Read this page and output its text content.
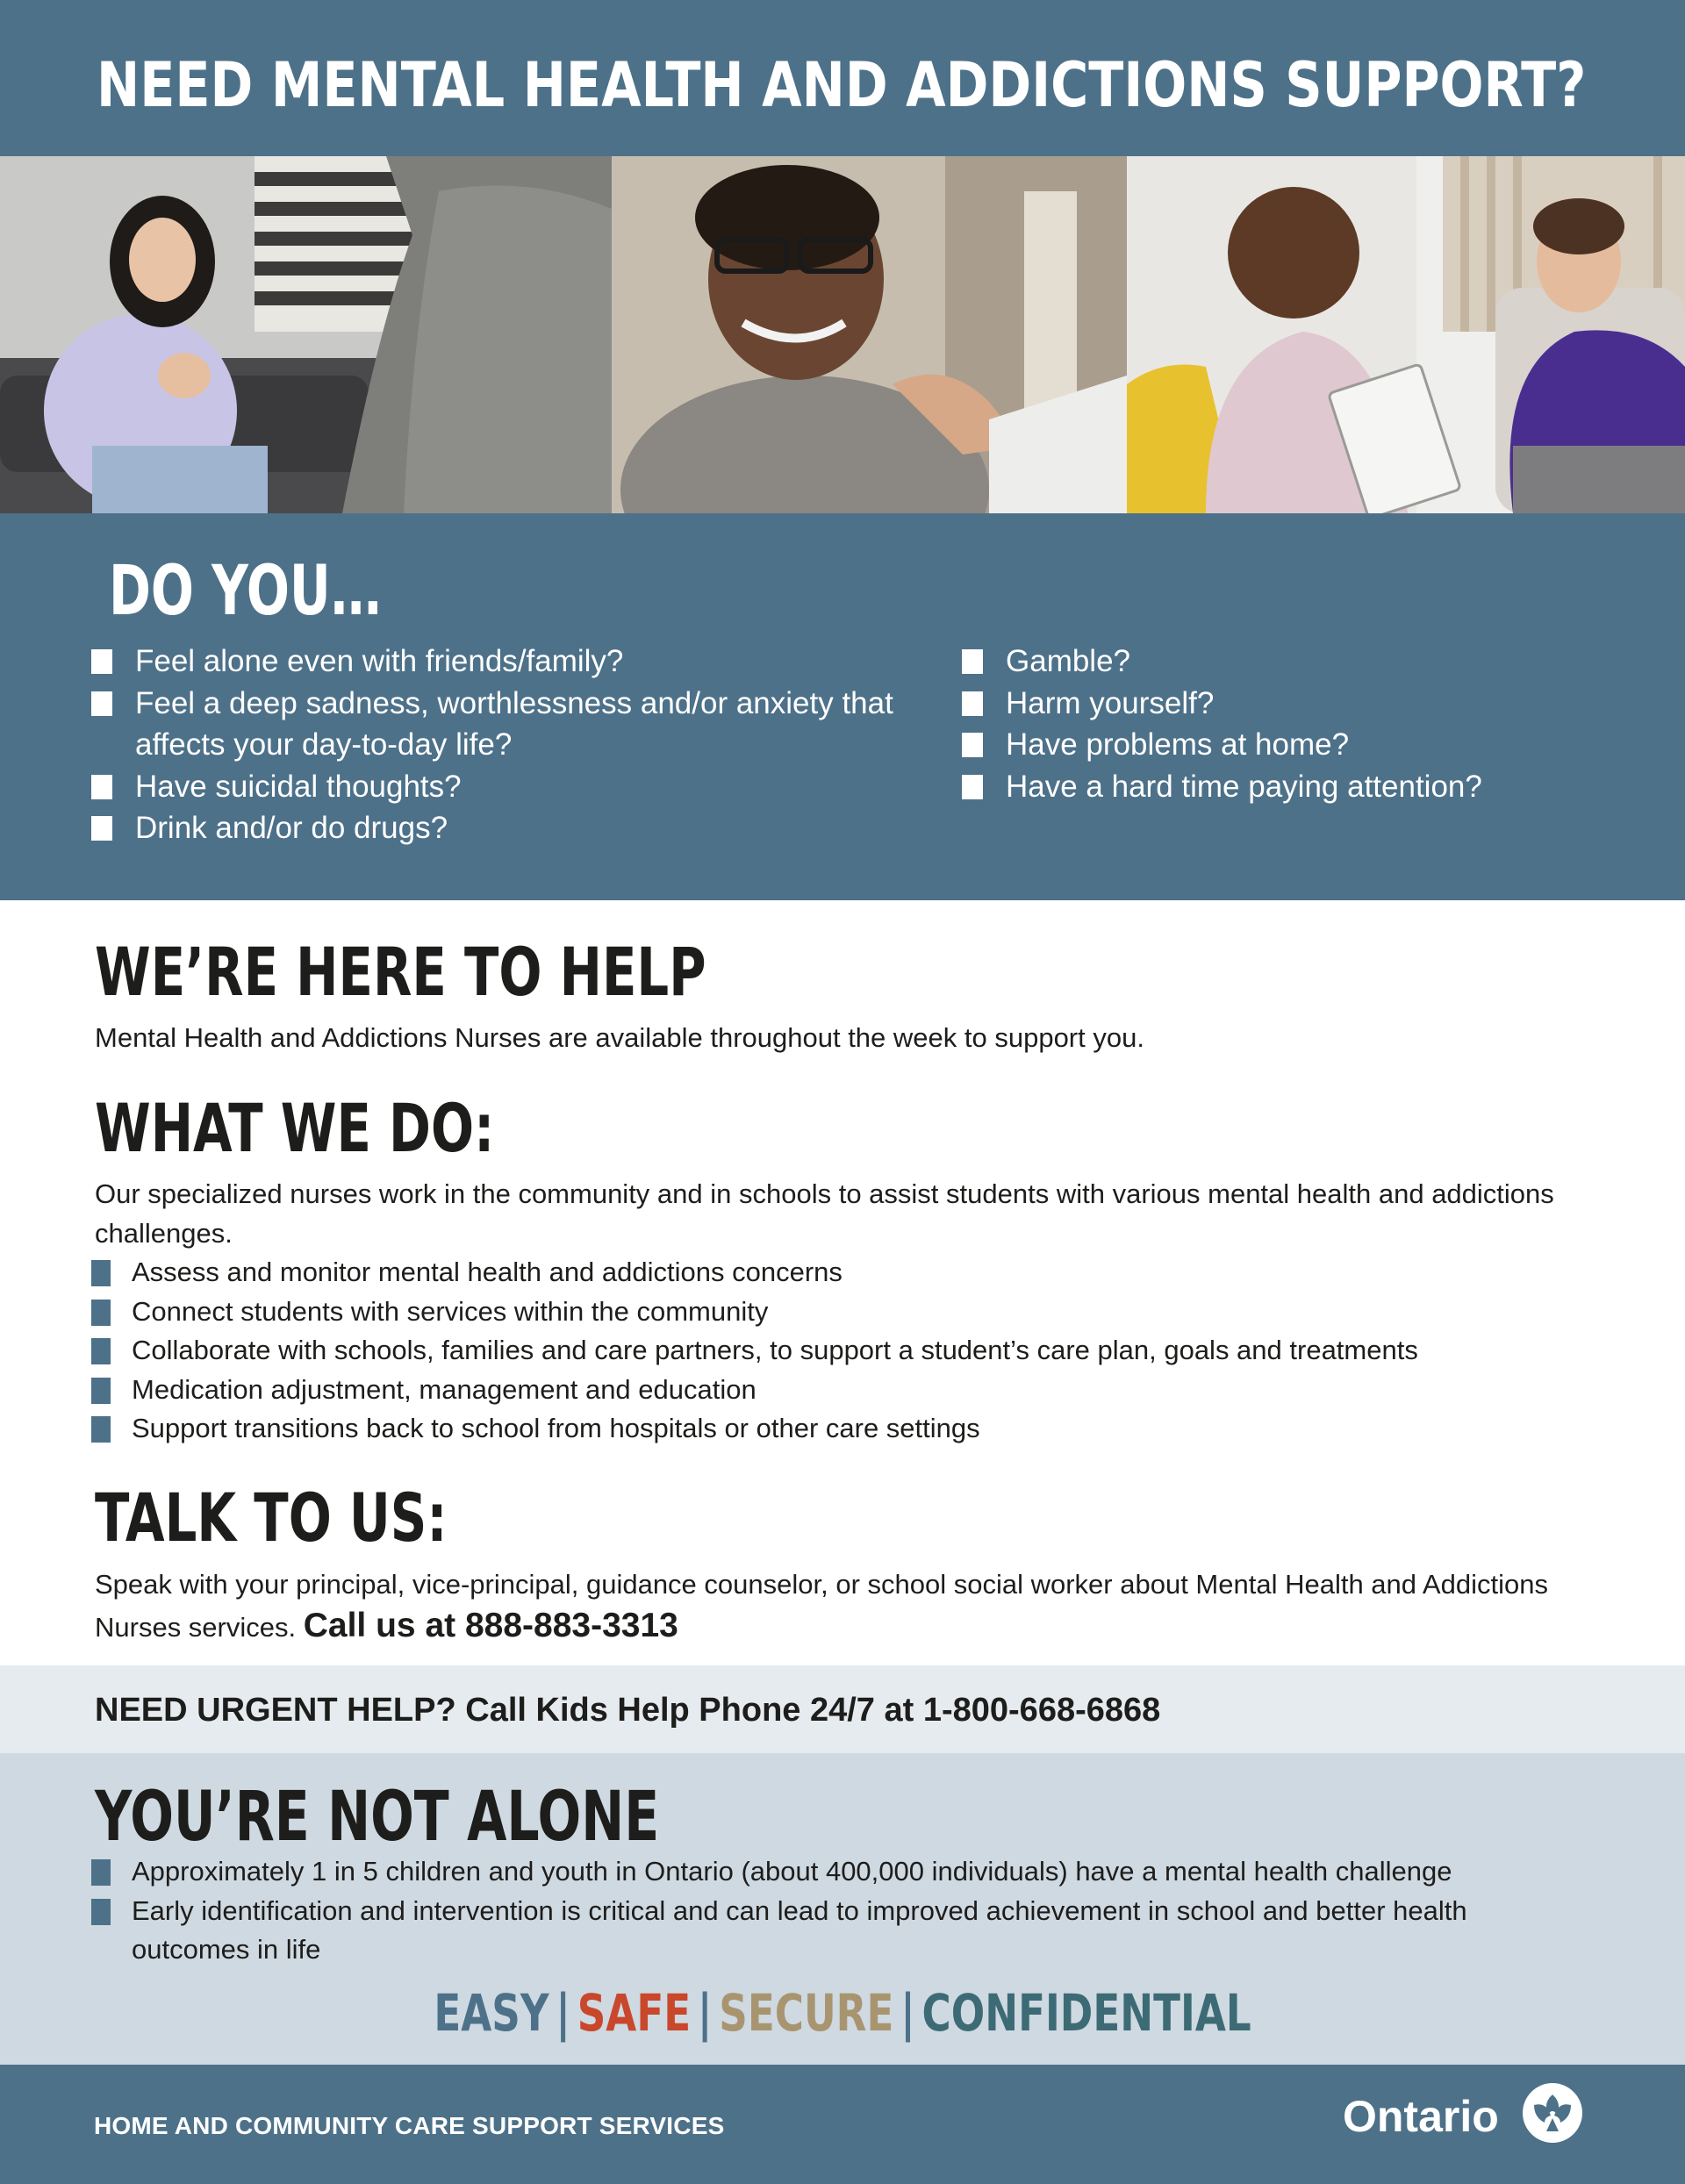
NEED MENTAL HEALTH AND ADDICTIONS SUPPORT?
DO YOU…
Feel alone even with friends/family?
Feel a deep sadness, worthlessness and/or anxiety that affects your day-to-day life?
Have suicidal thoughts?
Drink and/or do drugs?
Gamble?
Harm yourself?
Have problems at home?
Have a hard time paying attention?
WE’RE HERE TO HELP

Mental Health and Addictions Nurses are available throughout the week to support you.

WHAT WE DO:

Our specialized nurses work in the community and in schools to assist students with various mental health and addictions challenges.

Assess and monitor mental health and addictions concerns
Connect students with services within the community
Collaborate with schools, families and care partners, to support a student’s care plan, goals and treatments
Medication adjustment, management and education
Support transitions back to school from hospitals or other care settings
TALK TO US:

Speak with your principal, vice-principal, guidance counselor, or school social worker about Mental Health and Addictions Nurses services. Call us at 888-883-3313

NEED URGENT HELP? Call Kids Help Phone 24/7 at 1-800-668-6868
YOU’RE NOT ALONE
Approximately 1 in 5 children and youth in Ontario (about 400,000 individuals) have a mental health challenge
Early identification and intervention is critical and can lead to improved achievement in school and better health outcomes in life
EASY | SAFE | SECURE | CONFIDENTIAL
HOME AND COMMUNITY CARE SUPPORT SERVICES	Ontario
